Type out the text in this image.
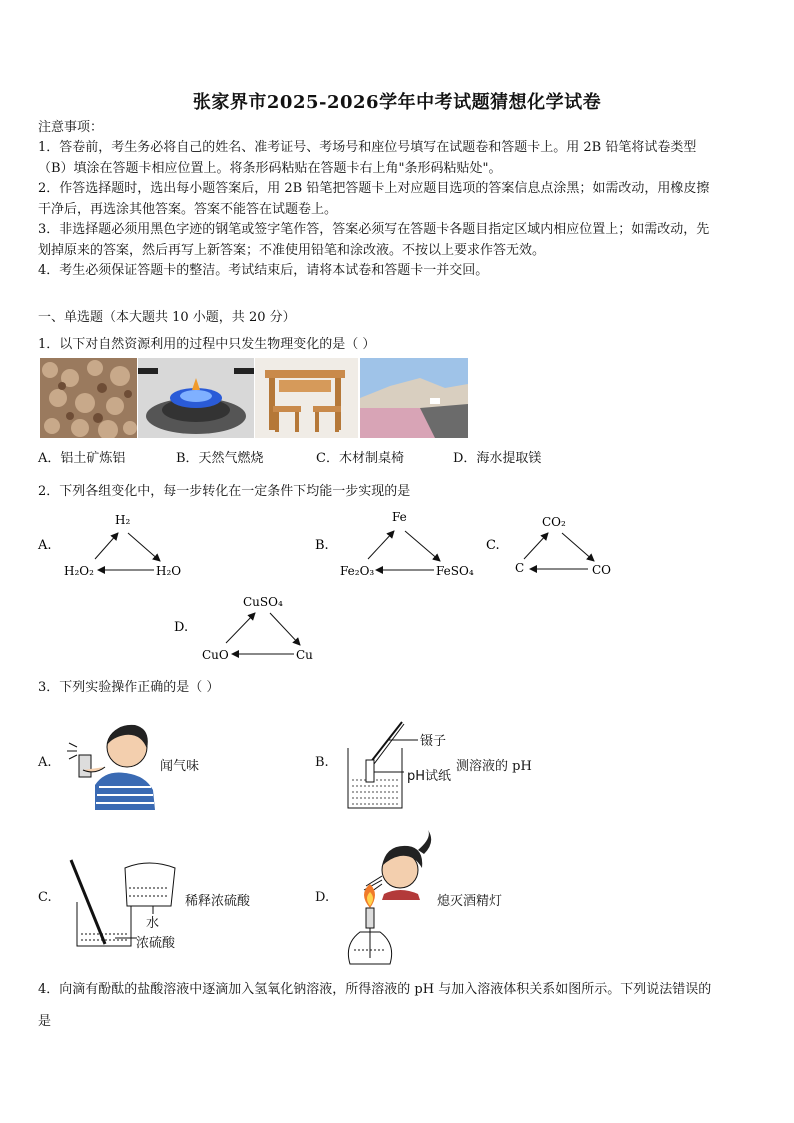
张家界市2025-2026学年中考试题猜想化学试卷
注意事项：
1．答卷前，考生务必将自己的姓名、准考证号、考场号和座位号填写在试题卷和答题卡上。用 2B 铅笔将试卷类型
（B）填涂在答题卡相应位置上。将条形码粘贴在答题卡右上角"条形码粘贴处"。
2．作答选择题时，选出每小题答案后，用 2B 铅笔把答题卡上对应题目选项的答案信息点涂黑；如需改动，用橡皮擦
干净后，再选涂其他答案。答案不能答在试题卷上。
3．非选择题必须用黑色字迹的钢笔或签字笔作答，答案必须写在答题卡各题目指定区域内相应位置上；如需改动，先
划掉原来的答案，然后再写上新答案；不准使用铅笔和涂改液。不按以上要求作答无效。
4．考生必须保证答题卡的整洁。考试结束后，请将本试卷和答题卡一并交回。
一、单选题（本大题共 10 小题，共 20 分）
1．以下对自然资源利用的过程中只发生物理变化的是（ ）
A．铝土矿炼铝	B．天然气燃烧	C．木材制桌椅	D．海水提取镁
2．下列各组变化中，每一步转化在一定条件下均能一步实现的是
A.
H₂
H₂O₂	H₂O
B.
Fe
Fe₂O₃	FeSO₄
C.
CO₂
C	CO
D.
CuSO₄
CuO	Cu
3．下列实验操作正确的是（ ）
A.	闻气味	B.
镊子
pH试纸
测溶液的 pH
C.
水
浓硫酸
稀释浓硫酸	D.	熄灭酒精灯
4．向滴有酚酞的盐酸溶液中逐滴加入氢氧化钠溶液，所得溶液的 pH 与加入溶液体积关系如图所示。下列说法错误的
是
